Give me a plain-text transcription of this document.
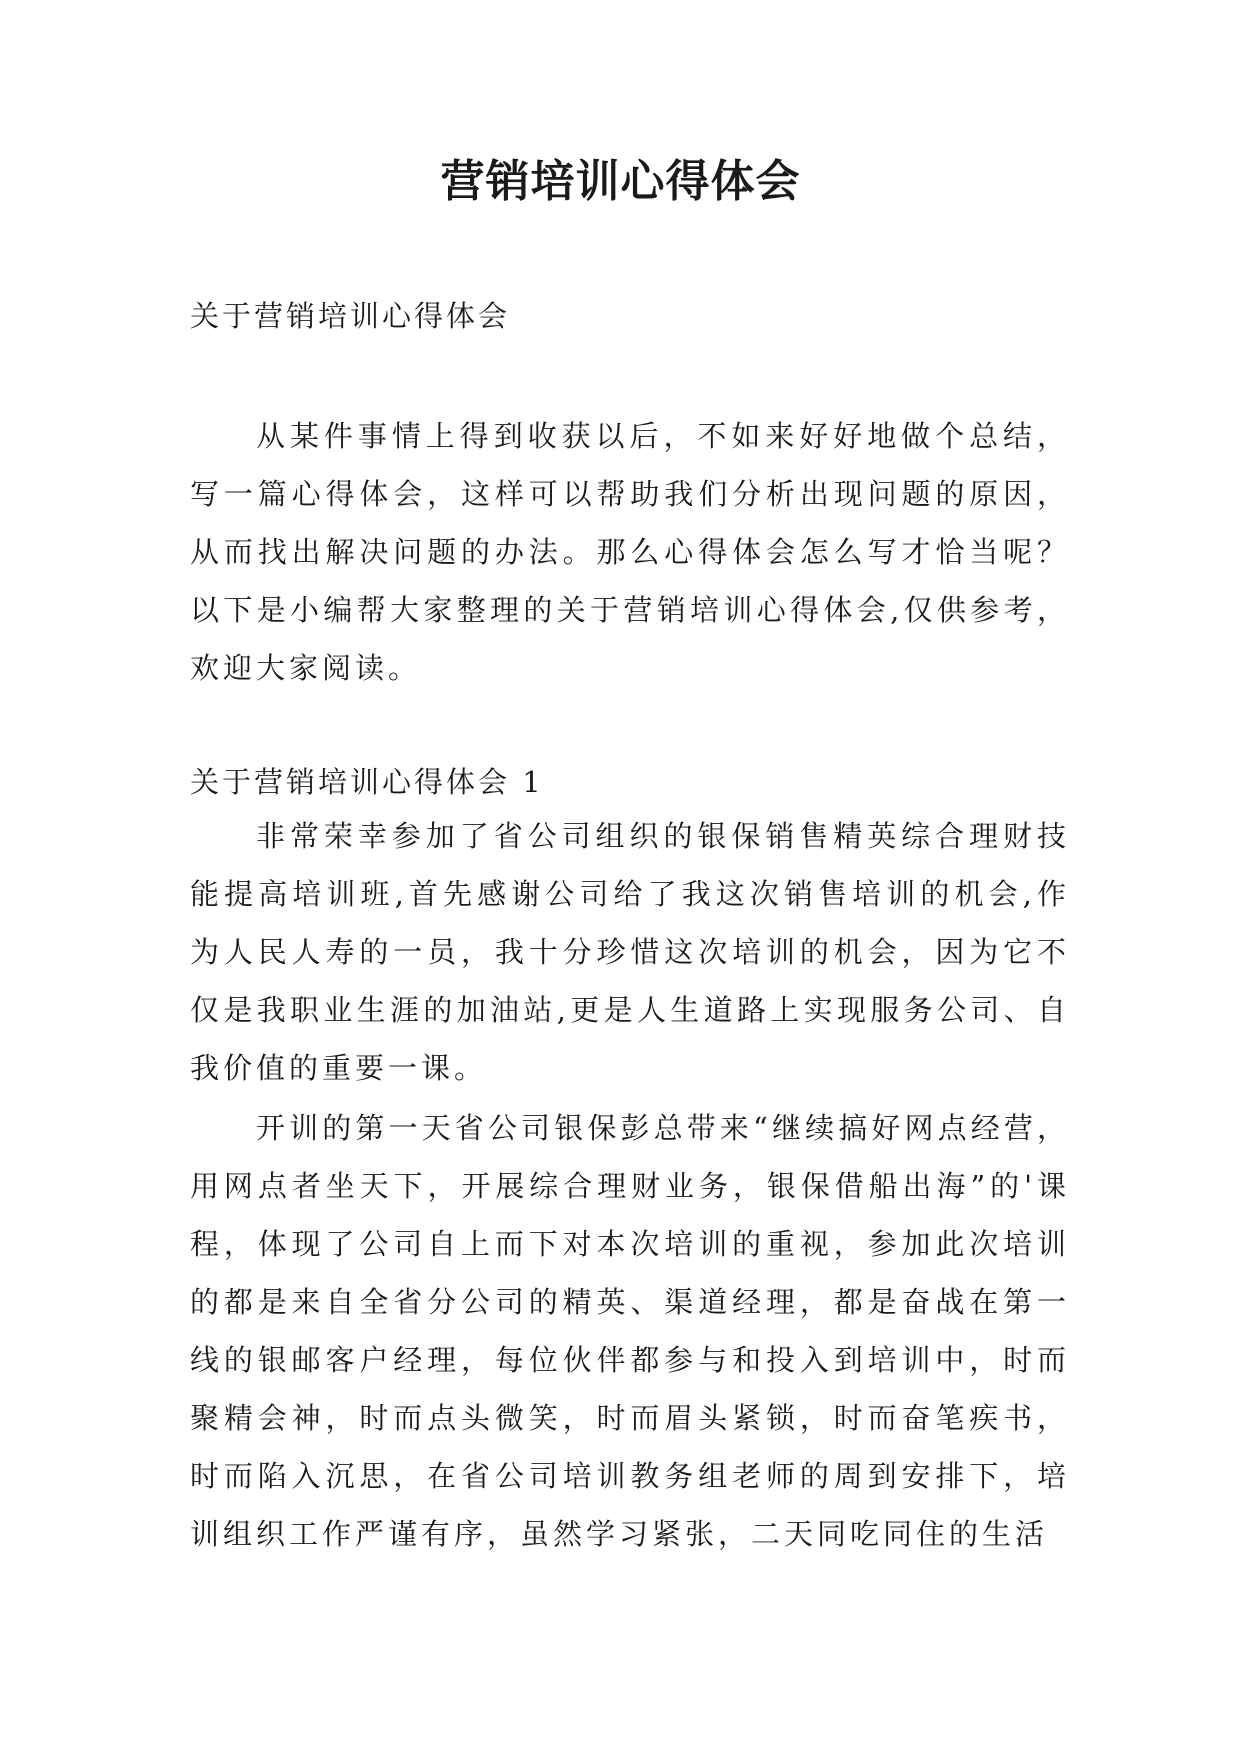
营销培训心得体会
关于营销培训心得体会

从某件事情上得到收获以后，不如来好好地做个总结，写一篇心得体会，这样可以帮助我们分析出现问题的原因，从而找出解决问题的办法。那么心得体会怎么写才恰当呢？以下是小编帮大家整理的关于营销培训心得体会,仅供参考，欢迎大家阅读。

关于营销培训心得体会 1

非常荣幸参加了省公司组织的银保销售精英综合理财技能提高培训班,首先感谢公司给了我这次销售培训的机会,作为人民人寿的一员，我十分珍惜这次培训的机会，因为它不仅是我职业生涯的加油站,更是人生道路上实现服务公司、自我价值的重要一课。

开训的第一天省公司银保彭总带来“继续搞好网点经营，用网点者坐天下，开展综合理财业务，银保借船出海”的'课程，体现了公司自上而下对本次培训的重视，参加此次培训的都是来自全省分公司的精英、渠道经理，都是奋战在第一线的银邮客户经理，每位伙伴都参与和投入到培训中，时而聚精会神，时而点头微笑，时而眉头紧锁，时而奋笔疾书，时而陷入沉思，在省公司培训教务组老师的周到安排下，培训组织工作严谨有序，虽然学习紧张，二天同吃同住的生活
